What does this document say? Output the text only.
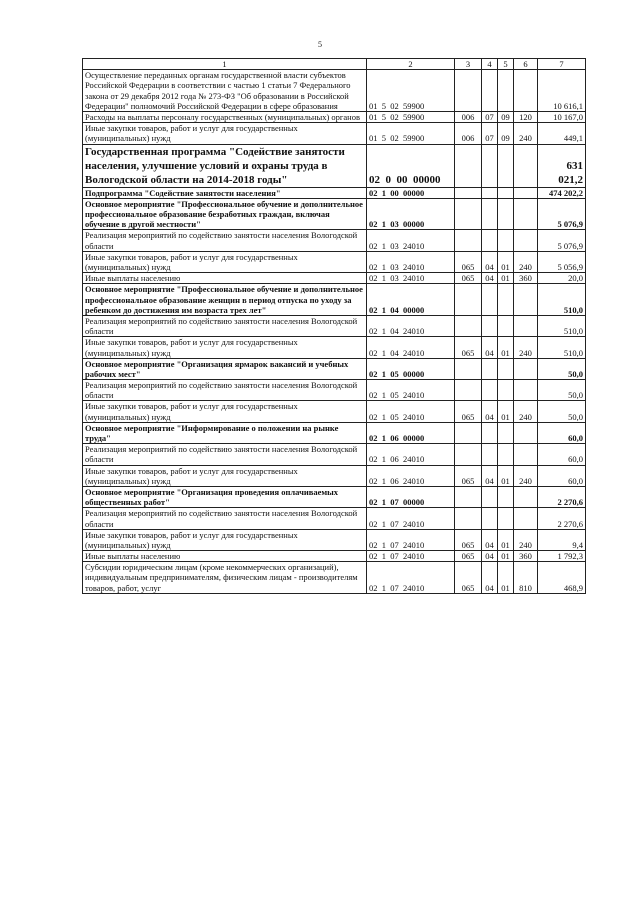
5
1	2	3	4	5	6	7
Осуществление переданных органам государственной власти субъектов Российской Федерации в соответствии с частью 1 статьи 7 Федерального закона от 29 декабря 2012 года № 273-ФЗ "Об образовании в Российской Федерации" полномочий Российской Федерации в сфере образования	01  5  02  59900					10 616,1
Расходы на выплаты персоналу государственных (муниципальных) органов	01  5  02  59900	006	07	09	120	10 167,0
Иные закупки товаров, работ и услуг для государственных (муниципальных) нужд	01  5  02  59900	006	07	09	240	449,1
Государственная программа "Содействие занятости населения, улучшение условий и охраны труда в Вологодской области на 2014-2018 годы"	02  0  00  00000					631 021,2
Подпрограмма "Содействие занятости населения"	02  1  00  00000					474 202,2
Основное мероприятие "Профессиональное обучение и дополнительное профессиональное образование безработных граждан, включая обучение в другой местности"	02  1  03  00000					5 076,9
Реализация мероприятий по содействию занятости населения Вологодской области	02  1  03  24010					5 076,9
Иные закупки товаров, работ и услуг для государственных (муниципальных) нужд	02  1  03  24010	065	04	01	240	5 056,9
Иные выплаты населению	02  1  03  24010	065	04	01	360	20,0
Основное мероприятие "Профессиональное обучение и дополнительное профессиональное образование женщин в период отпуска по уходу за ребенком до достижения им возраста трех лет"	02  1  04  00000					510,0
Реализация мероприятий по содействию занятости населения Вологодской области	02  1  04  24010					510,0
Иные закупки товаров, работ и услуг для государственных (муниципальных) нужд	02  1  04  24010	065	04	01	240	510,0
Основное мероприятие "Организация ярмарок вакансий и учебных рабочих мест"	02  1  05  00000					50,0
Реализация мероприятий по содействию занятости населения Вологодской области	02  1  05  24010					50,0
Иные закупки товаров, работ и услуг для государственных (муниципальных) нужд	02  1  05  24010	065	04	01	240	50,0
Основное мероприятие "Информирование о положении на рынке труда"	02  1  06  00000					60,0
Реализация мероприятий по содействию занятости населения Вологодской области	02  1  06  24010					60,0
Иные закупки товаров, работ и услуг для государственных (муниципальных) нужд	02  1  06  24010	065	04	01	240	60,0
Основное мероприятие "Организация проведения оплачиваемых общественных работ"	02  1  07  00000					2 270,6
Реализация мероприятий по содействию занятости населения Вологодской области	02  1  07  24010					2 270,6
Иные закупки товаров, работ и услуг для государственных (муниципальных) нужд	02  1  07  24010	065	04	01	240	9,4
Иные выплаты населению	02  1  07  24010	065	04	01	360	1 792,3
Субсидии юридическим лицам (кроме некоммерческих организаций), индивидуальным предпринимателям, физическим лицам - производителям товаров, работ, услуг	02  1  07  24010	065	04	01	810	468,9
